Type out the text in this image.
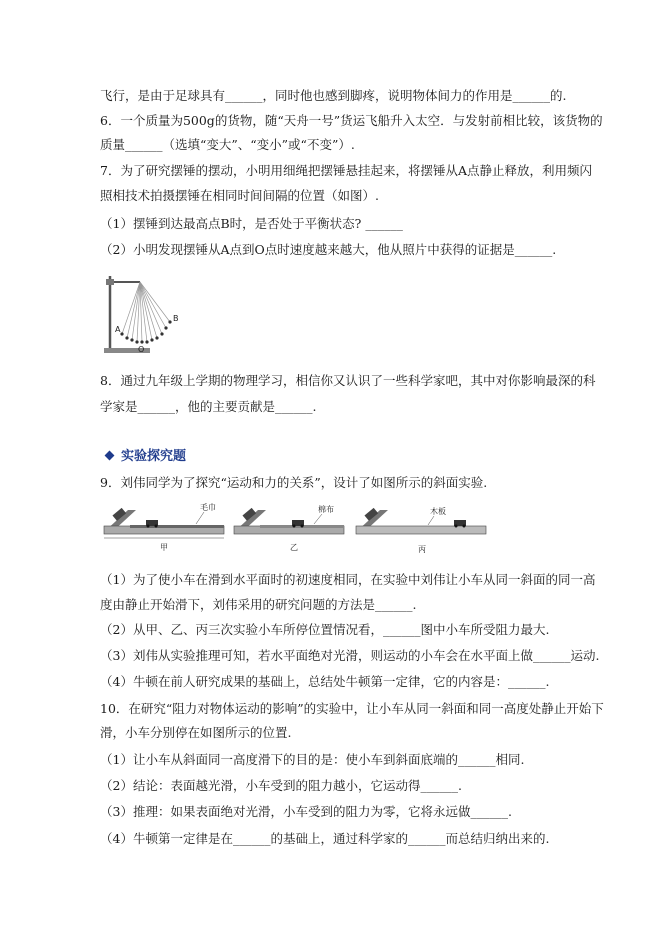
飞行，是由于足球具有______，同时他也感到脚疼，说明物体间力的作用是______的.
6．一个质量为500g的货物，随“天舟一号”货运飞船升入太空．与发射前相比较，该货物的
质量______（选填“变大”、“变小”或“不变”）.
7．为了研究摆锤的摆动，小明用细绳把摆锤悬挂起来，将摆锤从A点静止释放，利用频闪
照相技术拍摄摆锤在相同时间间隔的位置（如图）.
（1）摆锤到达最高点B时，是否处于平衡状态? ______
（2）小明发现摆锤从A点到O点时速度越来越大，他从照片中获得的证据是______.
A
O
B
8．通过九年级上学期的物理学习，相信你又认识了一些科学家吧，其中对你影响最深的科
学家是______，他的主要贡献是______.
实验探究题
9．刘伟同学为了探究“运动和力的关系”，设计了如图所示的斜面实验.
毛巾
甲
棉布
乙
木板
丙
（1）为了使小车在滑到水平面时的初速度相同，在实验中刘伟让小车从同一斜面的同一高
度由静止开始滑下，刘伟采用的研究问题的方法是______.
（2）从甲、乙、丙三次实验小车所停位置情况看，______图中小车所受阻力最大.
（3）刘伟从实验推理可知，若水平面绝对光滑，则运动的小车会在水平面上做______运动.
（4）牛顿在前人研究成果的基础上，总结处牛顿第一定律，它的内容是：______.
10．在研究“阻力对物体运动的影响”的实验中，让小车从同一斜面和同一高度处静止开始下
滑，小车分别停在如图所示的位置.
（1）让小车从斜面同一高度滑下的目的是：使小车到斜面底端的______相同.
（2）结论：表面越光滑，小车受到的阻力越小，它运动得______.
（3）推理：如果表面绝对光滑，小车受到的阻力为零，它将永远做______.
（4）牛顿第一定律是在______的基础上，通过科学家的______而总结归纳出来的.
